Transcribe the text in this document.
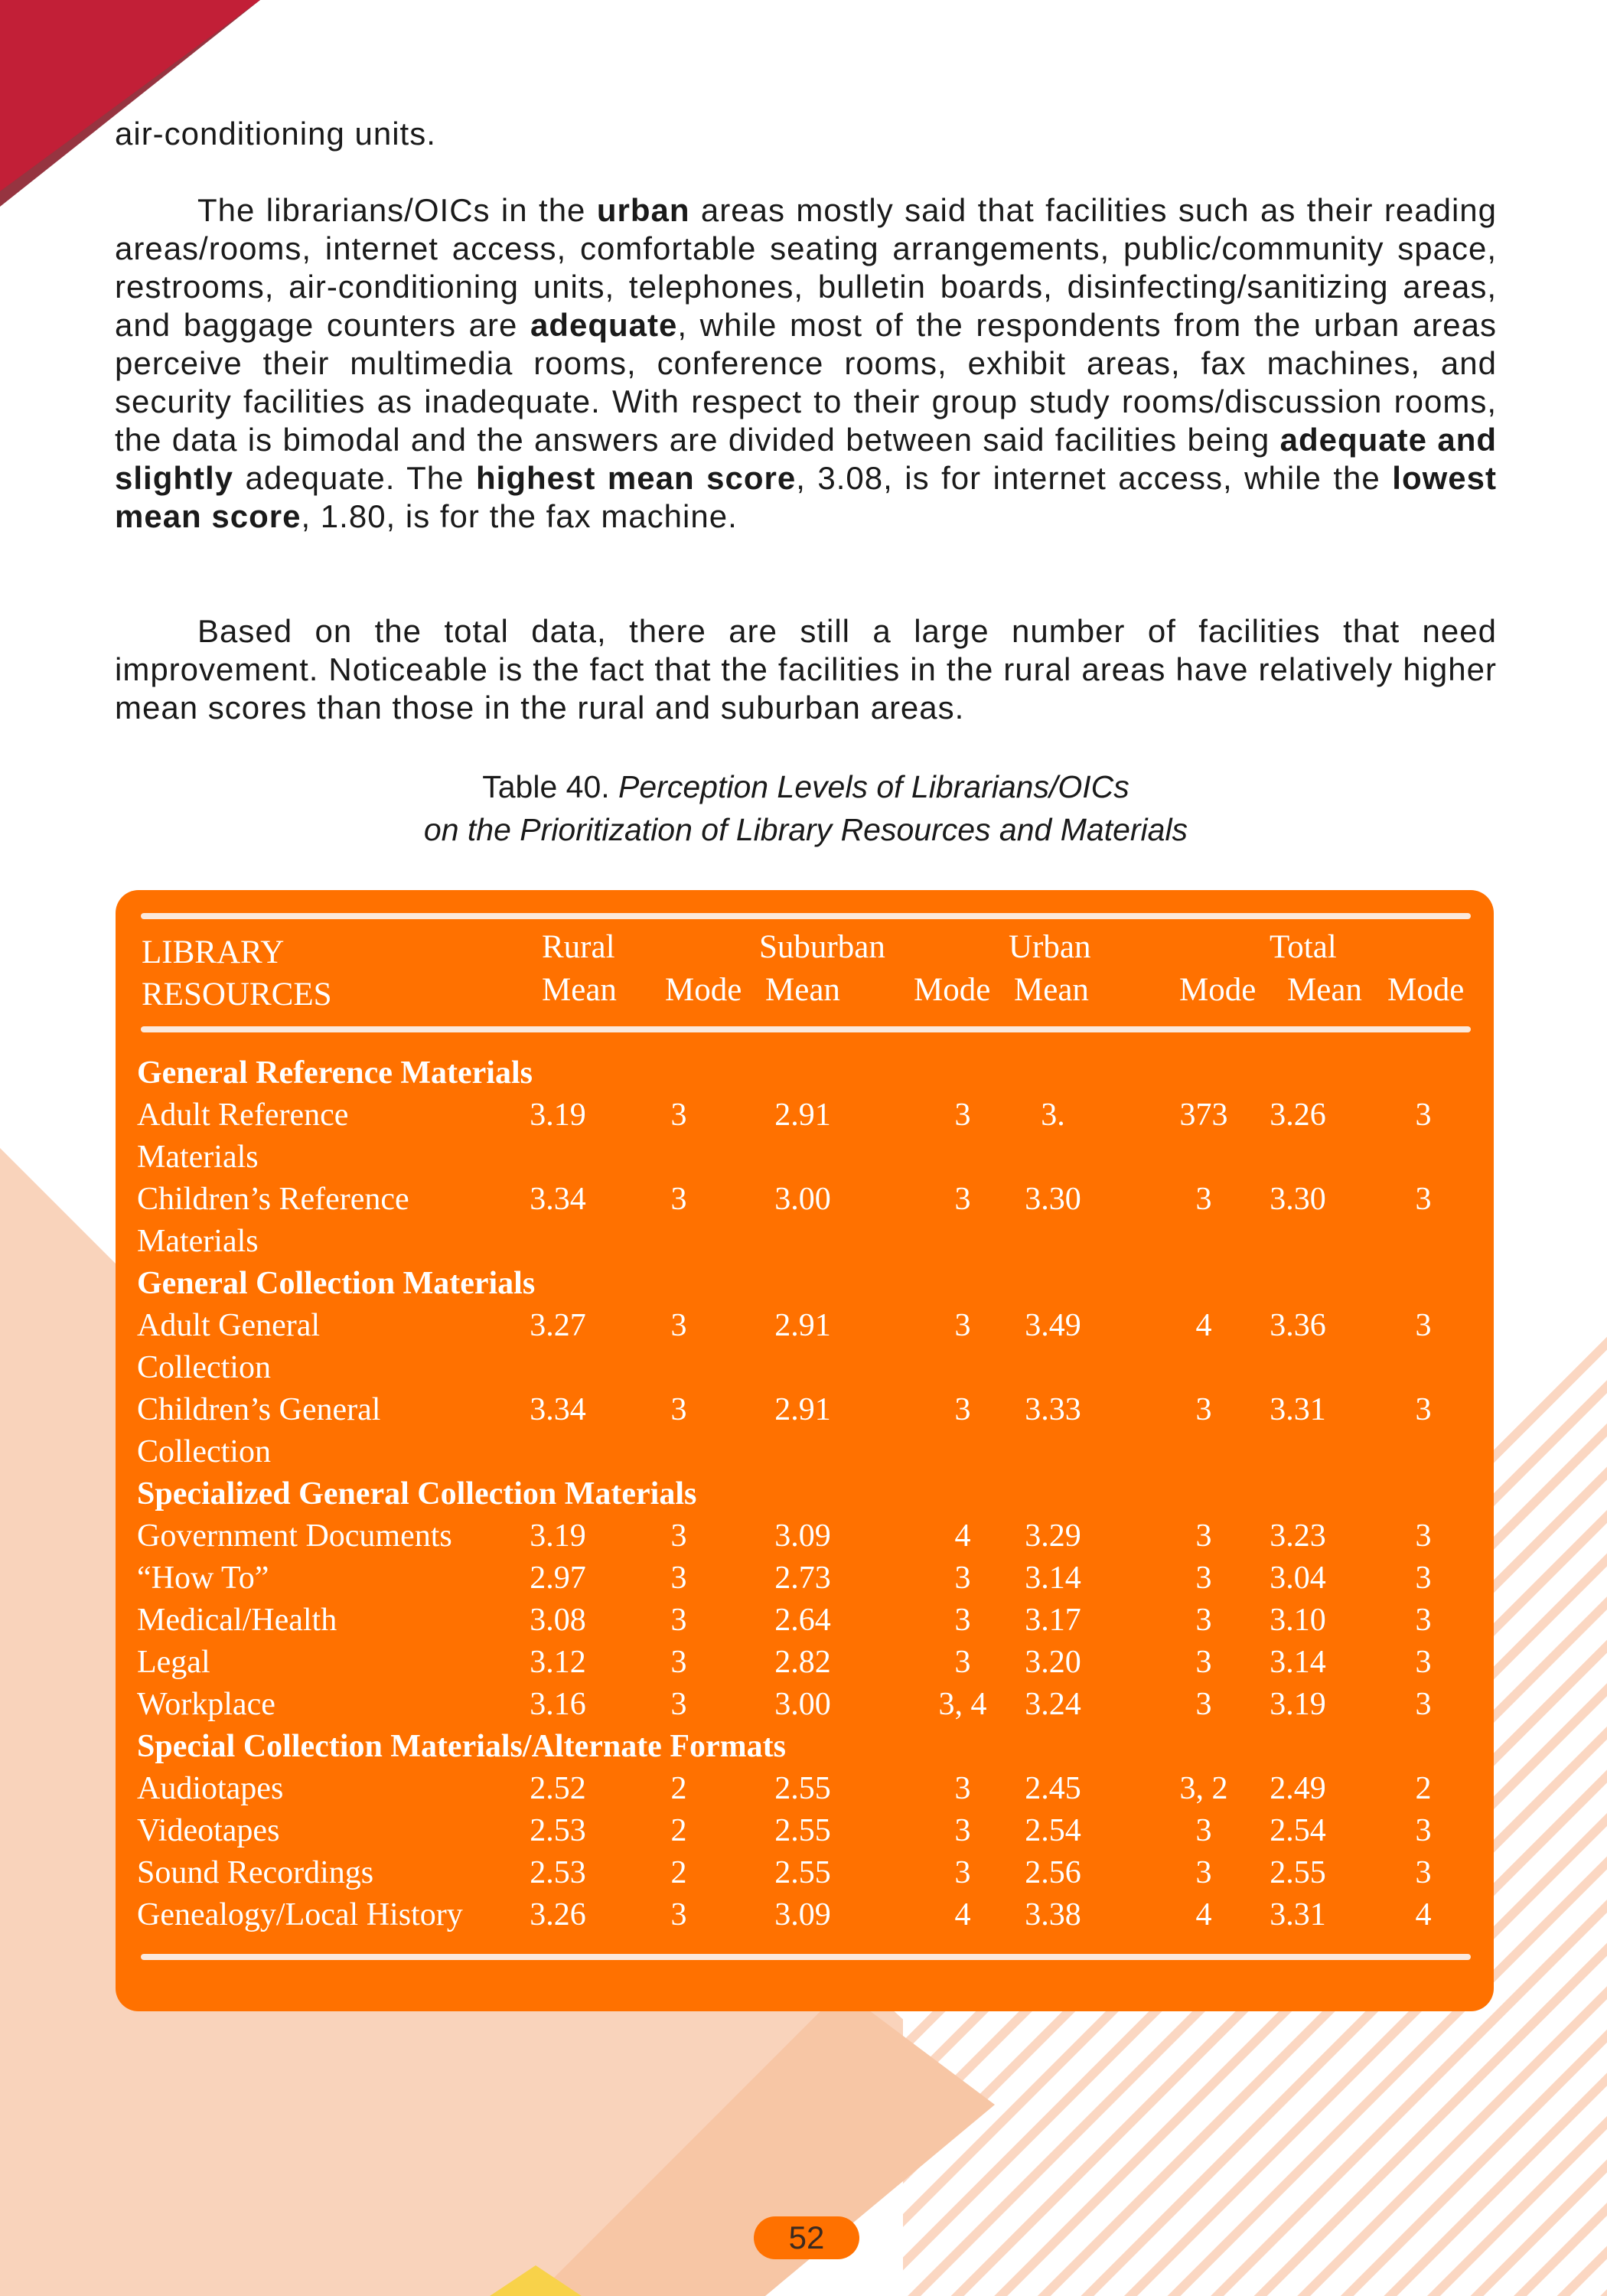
air-conditioning units.

The librarians/OICs in the urban areas mostly said that facilities such as their reading areas/rooms, internet access, comfortable seating arrangements, public/community space, restrooms, air-conditioning units, telephones, bulletin boards, disinfecting/sanitizing areas, and baggage counters are adequate, while most of the respondents from the urban areas perceive their multimedia rooms, conference rooms, exhibit areas, fax machines, and security facilities as inadequate. With respect to their group study rooms/discussion rooms, the data is bimodal and the answers are divided between said facilities being adequate and slightly adequate. The highest mean score, 3.08, is for internet access, while the lowest mean score, 1.80, is for the fax machine.

Based on the total data, there are still a large number of facilities that need improvement. Noticeable is the fact that the facilities in the rural areas have relatively higher mean scores than those in the rural and suburban areas.

Table 40. Perception Levels of Librarians/OICs
on the Prioritization of Library Resources and Materials
LIBRARY
RESOURCES
Rural	Suburban	Urban	Total
Mean Mode Mean Mode Mean	Mode Mean Mode
General Reference Materials
Adult Reference
Materials
3.19	3	2.91	3 3.	373 3.26	3
Children’s Reference
Materials
3.34	3	3.00	3 3.30	3 3.30	3
General Collection Materials
Adult General
Collection
3.27	3	2.91	3 3.49	4 3.36	3
Children’s General
Collection
3.34	3	2.91	3 3.33	3 3.31	3
Specialized General Collection Materials
Government Documents 3.19	3	3.09	4 3.29	3 3.23	3
“How To”	2.97	3	2.73	3 3.14	3 3.04	3
Medical/Health	3.08	3	2.64	3 3.17	3 3.10	3
Legal	3.12	3	2.82	3 3.20	3 3.14	3
Workplace	3.16	3	3.00	3, 4 3.24	3 3.19	3
Special Collection Materials/Alternate Formats
Audiotapes	2.52	2	2.55	3 2.45	3, 2 2.49	2
Videotapes	2.53	2	2.55	3 2.54	3 2.54	3
Sound Recordings	2.53	2	2.55	3 2.56	3 2.55	3
Genealogy/Local History 3.26	3	3.09	4 3.38	4 3.31	4
52
